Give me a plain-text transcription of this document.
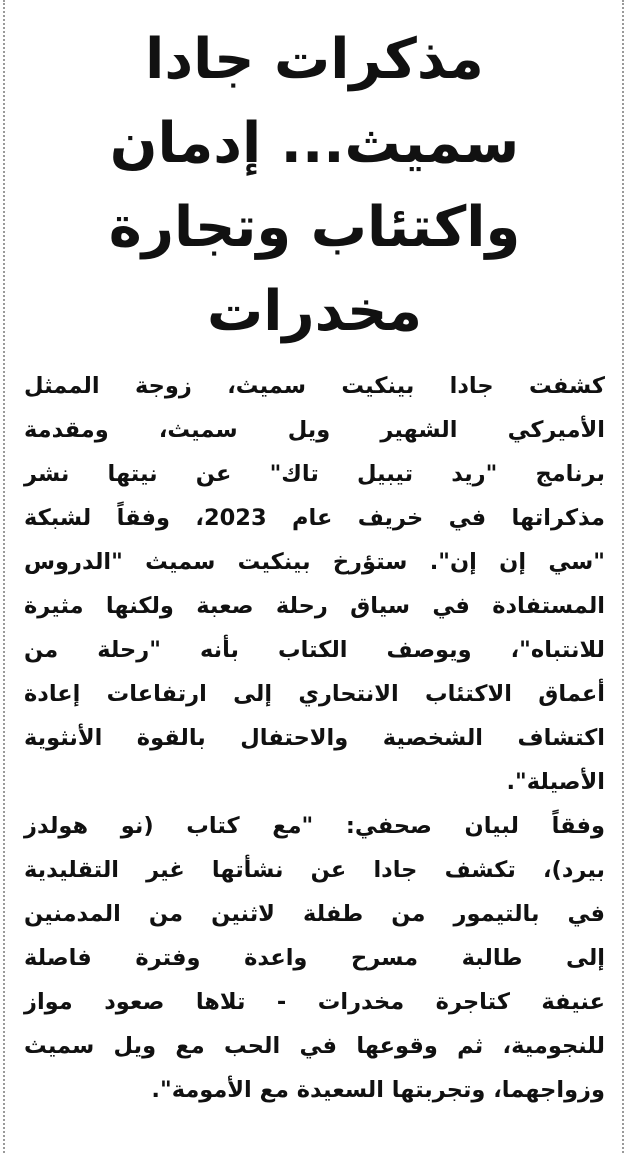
مذكرات جادا سميث... إدمان
واكتئاب وتجارة مخدرات

كشفت جادا بينكيت سميث، زوجة الممثل
الأميركي الشهير ويل سميث، ومقدمة
برنامج "ريد تيبيل تاك" عن نيتها نشر
مذكراتها في خريف عام 2023، وفقاً لشبكة
"سي إن إن". ستؤرخ بينكيت سميث "الدروس
المستفادة في سياق رحلة صعبة ولكنها مثيرة
للانتباه"، ويوصف الكتاب بأنه "رحلة من
أعماق الاكتئاب الانتحاري إلى ارتفاعات إعادة
اكتشاف الشخصية والاحتفال بالقوة الأنثوية
الأصيلة".

وفقاً لبيان صحفي: "مع كتاب (نو هولدز
بيرد)، تكشف جادا عن نشأتها غير التقليدية
في بالتيمور من طفلة لاثنين من المدمنين
إلى طالبة مسرح واعدة وفترة فاصلة
عنيفة كتاجرة مخدرات - تلاها صعود مواز
للنجومية، ثم وقوعها في الحب مع ويل سميث
وزواجهما، وتجربتها السعيدة مع الأمومة".
